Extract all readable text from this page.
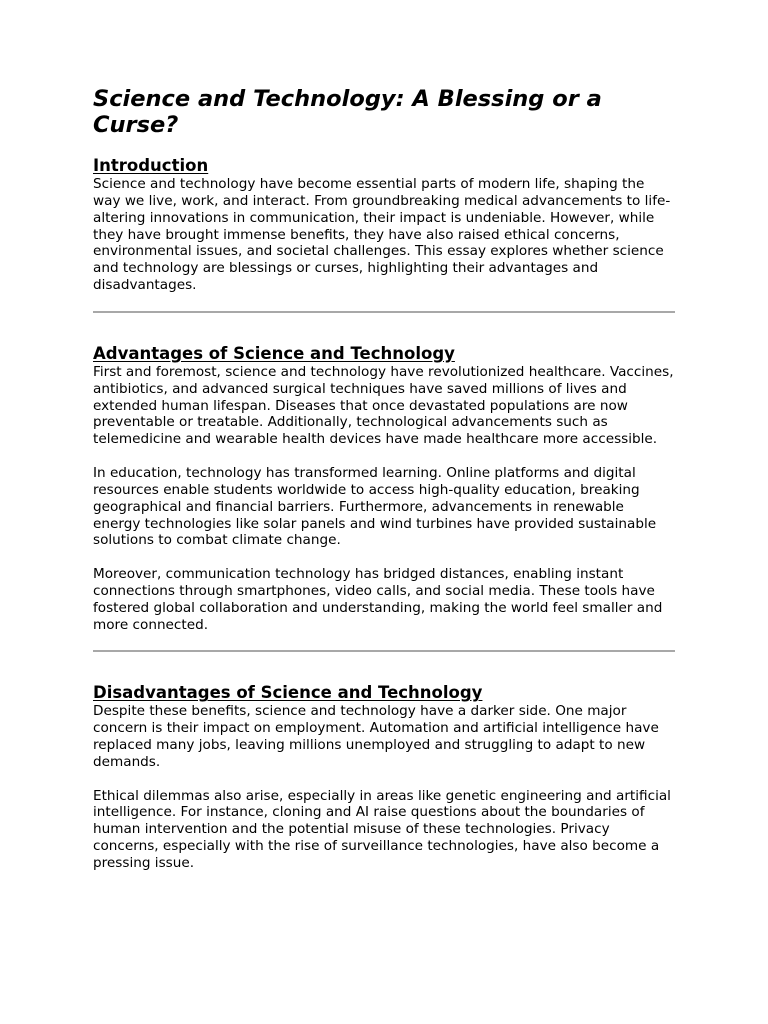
Science and Technology: A Blessing or a Curse?
Introduction

Science and technology have become essential parts of modern life, shaping the way we live, work, and interact. From groundbreaking medical advancements to life-altering innovations in communication, their impact is undeniable. However, while they have brought immense benefits, they have also raised ethical concerns, environmental issues, and societal challenges. This essay explores whether science and technology are blessings or curses, highlighting their advantages and disadvantages.

Advantages of Science and Technology

First and foremost, science and technology have revolutionized healthcare. Vaccines, antibiotics, and advanced surgical techniques have saved millions of lives and extended human lifespan. Diseases that once devastated populations are now preventable or treatable. Additionally, technological advancements such as telemedicine and wearable health devices have made healthcare more accessible.

In education, technology has transformed learning. Online platforms and digital resources enable students worldwide to access high-quality education, breaking geographical and financial barriers. Furthermore, advancements in renewable energy technologies like solar panels and wind turbines have provided sustainable solutions to combat climate change.

Moreover, communication technology has bridged distances, enabling instant connections through smartphones, video calls, and social media. These tools have fostered global collaboration and understanding, making the world feel smaller and more connected.

Disadvantages of Science and Technology

Despite these benefits, science and technology have a darker side. One major concern is their impact on employment. Automation and artificial intelligence have replaced many jobs, leaving millions unemployed and struggling to adapt to new demands.

Ethical dilemmas also arise, especially in areas like genetic engineering and artificial intelligence. For instance, cloning and AI raise questions about the boundaries of human intervention and the potential misuse of these technologies. Privacy concerns, especially with the rise of surveillance technologies, have also become a pressing issue.
